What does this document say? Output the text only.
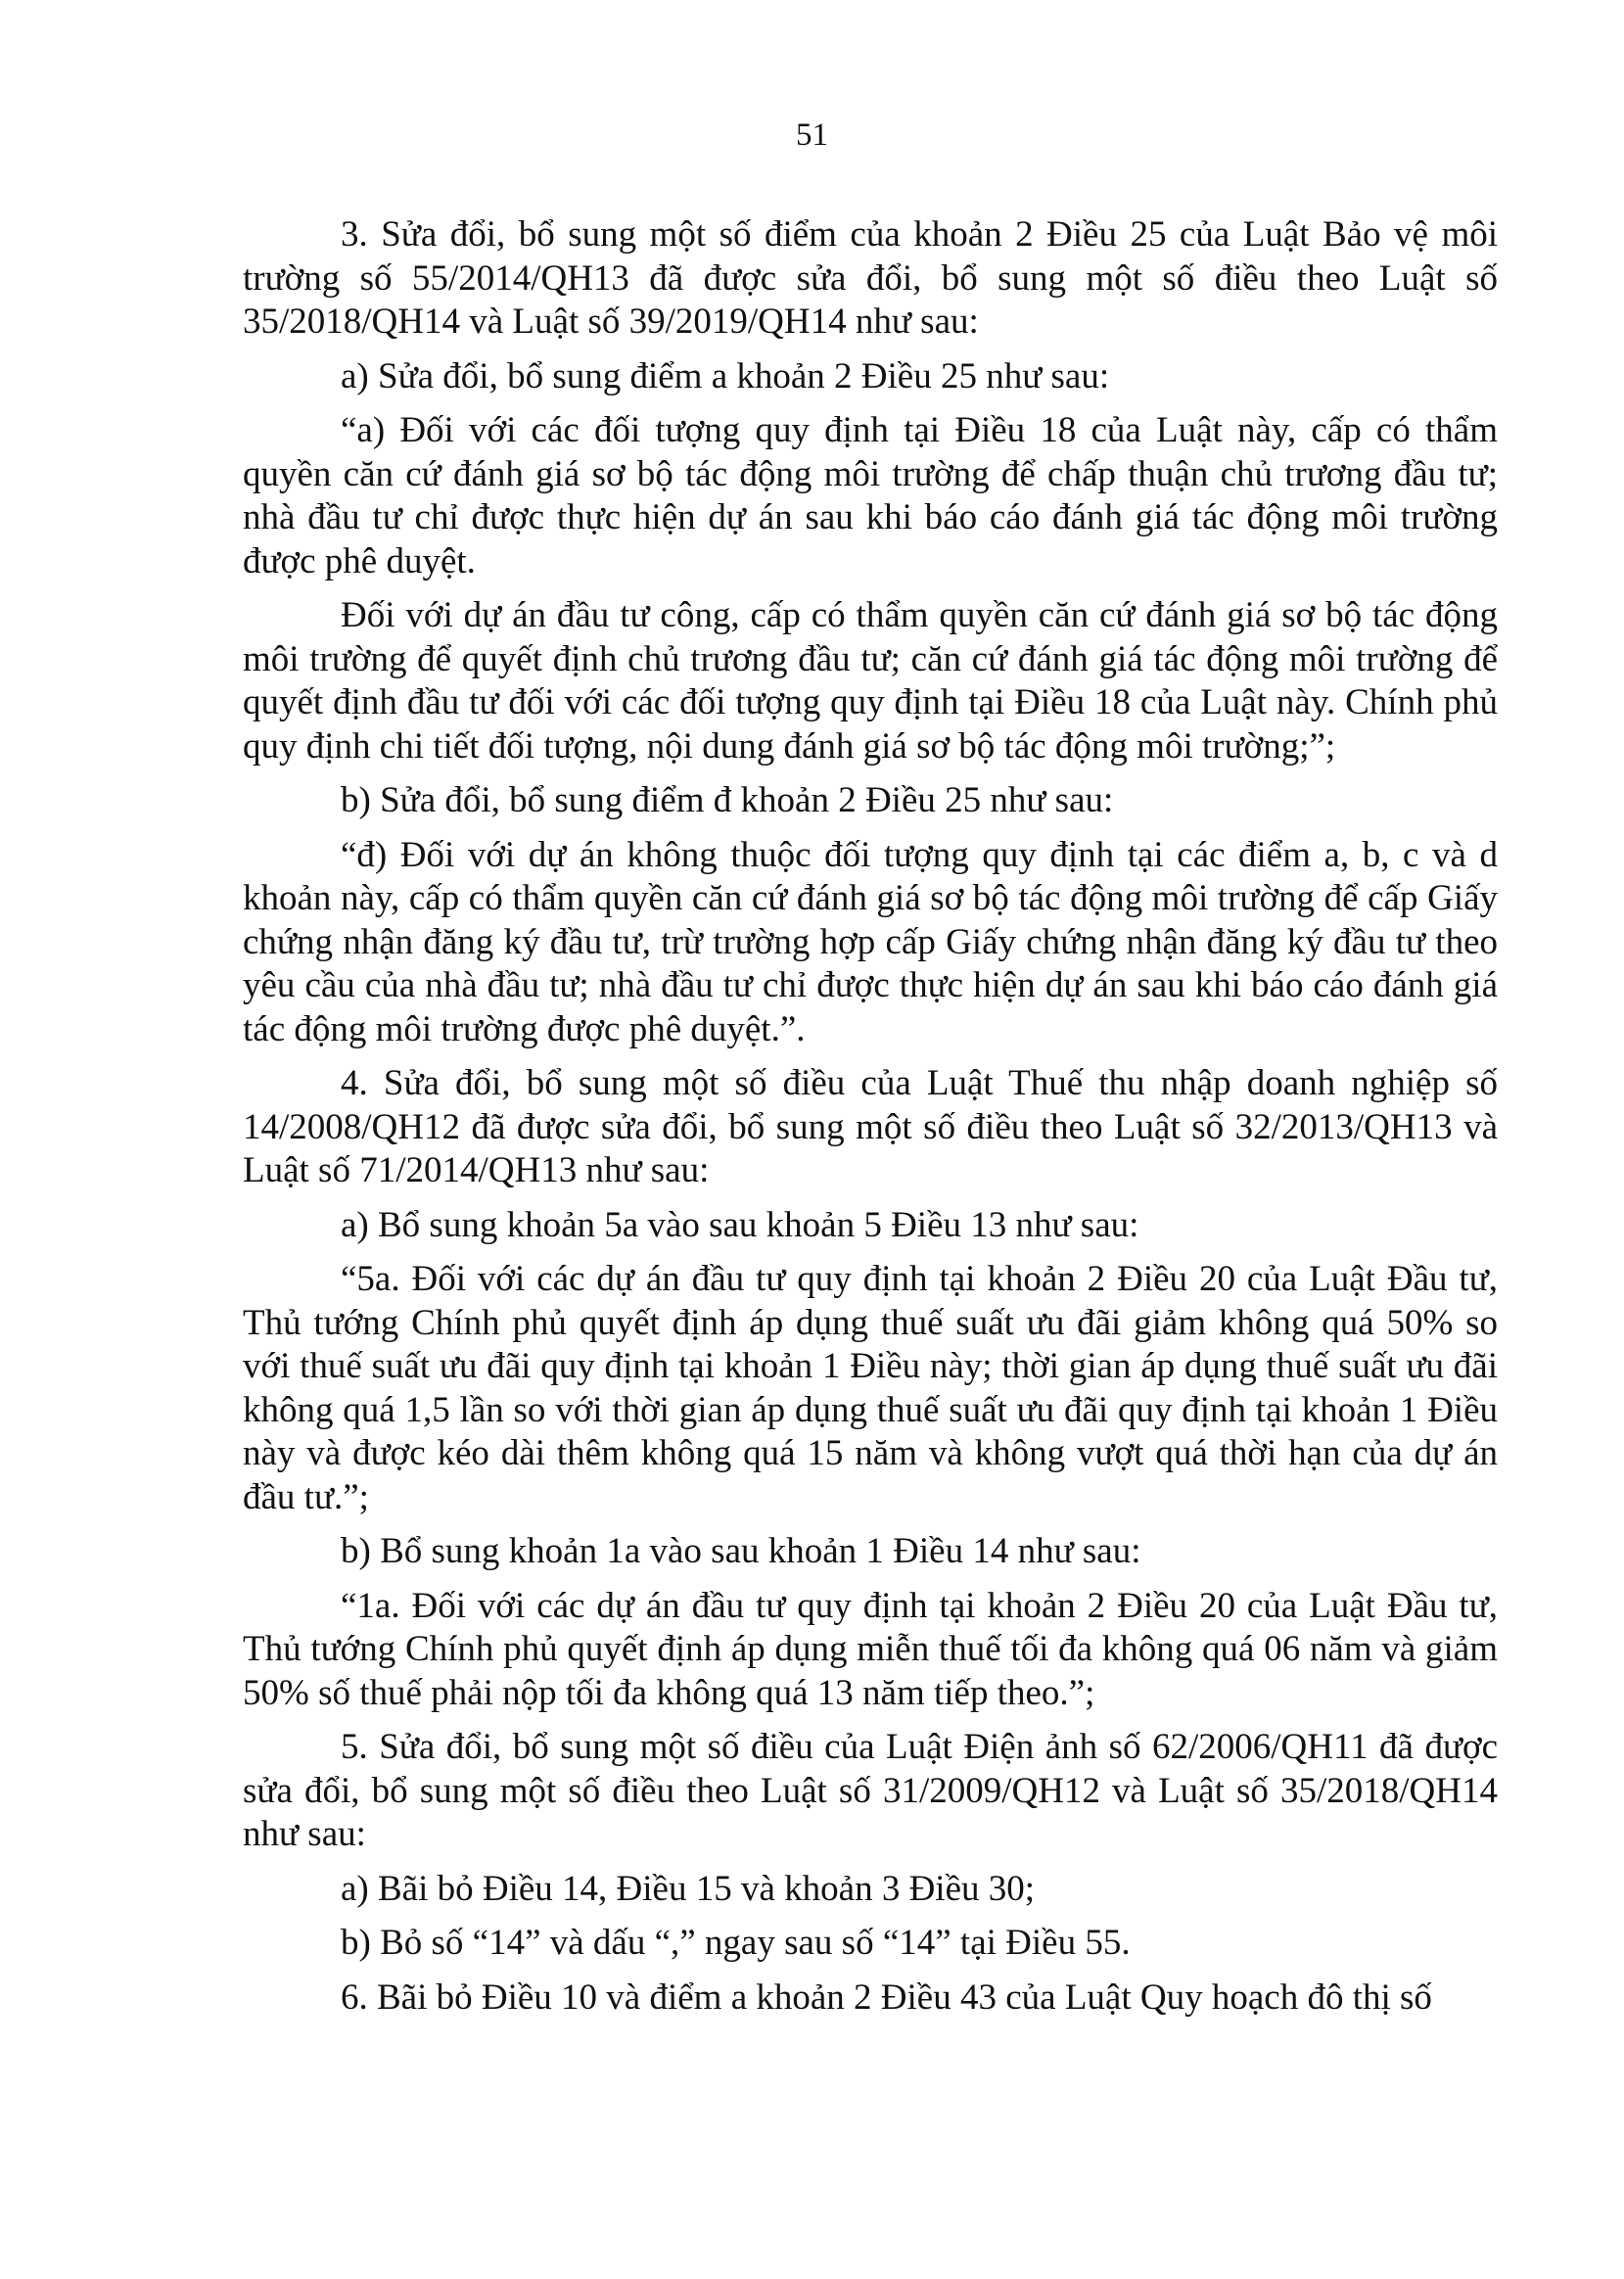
51

3. Sửa đổi, bổ sung một số điểm của khoản 2 Điều 25 của Luật Bảo vệ môi trường số 55/2014/QH13 đã được sửa đổi, bổ sung một số điều theo Luật số 35/2018/QH14 và Luật số 39/2019/QH14 như sau:

a) Sửa đổi, bổ sung điểm a khoản 2 Điều 25 như sau:

“a) Đối với các đối tượng quy định tại Điều 18 của Luật này, cấp có thẩm quyền căn cứ đánh giá sơ bộ tác động môi trường để chấp thuận chủ trương đầu tư; nhà đầu tư chỉ được thực hiện dự án sau khi báo cáo đánh giá tác động môi trường được phê duyệt.

Đối với dự án đầu tư công, cấp có thẩm quyền căn cứ đánh giá sơ bộ tác động môi trường để quyết định chủ trương đầu tư; căn cứ đánh giá tác động môi trường để quyết định đầu tư đối với các đối tượng quy định tại Điều 18 của Luật này. Chính phủ quy định chi tiết đối tượng, nội dung đánh giá sơ bộ tác động môi trường;”;

b) Sửa đổi, bổ sung điểm đ khoản 2 Điều 25 như sau:

“đ) Đối với dự án không thuộc đối tượng quy định tại các điểm a, b, c và d khoản này, cấp có thẩm quyền căn cứ đánh giá sơ bộ tác động môi trường để cấp Giấy chứng nhận đăng ký đầu tư, trừ trường hợp cấp Giấy chứng nhận đăng ký đầu tư theo yêu cầu của nhà đầu tư; nhà đầu tư chỉ được thực hiện dự án sau khi báo cáo đánh giá tác động môi trường được phê duyệt.”.

4. Sửa đổi, bổ sung một số điều của Luật Thuế thu nhập doanh nghiệp số 14/2008/QH12 đã được sửa đổi, bổ sung một số điều theo Luật số 32/2013/QH13 và Luật số 71/2014/QH13 như sau:

a) Bổ sung khoản 5a vào sau khoản 5 Điều 13 như sau:

“5a. Đối với các dự án đầu tư quy định tại khoản 2 Điều 20 của Luật Đầu tư, Thủ tướng Chính phủ quyết định áp dụng thuế suất ưu đãi giảm không quá 50% so với thuế suất ưu đãi quy định tại khoản 1 Điều này; thời gian áp dụng thuế suất ưu đãi không quá 1,5 lần so với thời gian áp dụng thuế suất ưu đãi quy định tại khoản 1 Điều này và được kéo dài thêm không quá 15 năm và không vượt quá thời hạn của dự án đầu tư.”;

b) Bổ sung khoản 1a vào sau khoản 1 Điều 14 như sau:

“1a. Đối với các dự án đầu tư quy định tại khoản 2 Điều 20 của Luật Đầu tư, Thủ tướng Chính phủ quyết định áp dụng miễn thuế tối đa không quá 06 năm và giảm 50% số thuế phải nộp tối đa không quá 13 năm tiếp theo.”;

5. Sửa đổi, bổ sung một số điều của Luật Điện ảnh số 62/2006/QH11 đã được sửa đổi, bổ sung một số điều theo Luật số 31/2009/QH12 và Luật số 35/2018/QH14 như sau:

a) Bãi bỏ Điều 14, Điều 15 và khoản 3 Điều 30;

b) Bỏ số “14” và dấu “,” ngay sau số “14” tại Điều 55.

6. Bãi bỏ Điều 10 và điểm a khoản 2 Điều 43 của Luật Quy hoạch đô thị số
